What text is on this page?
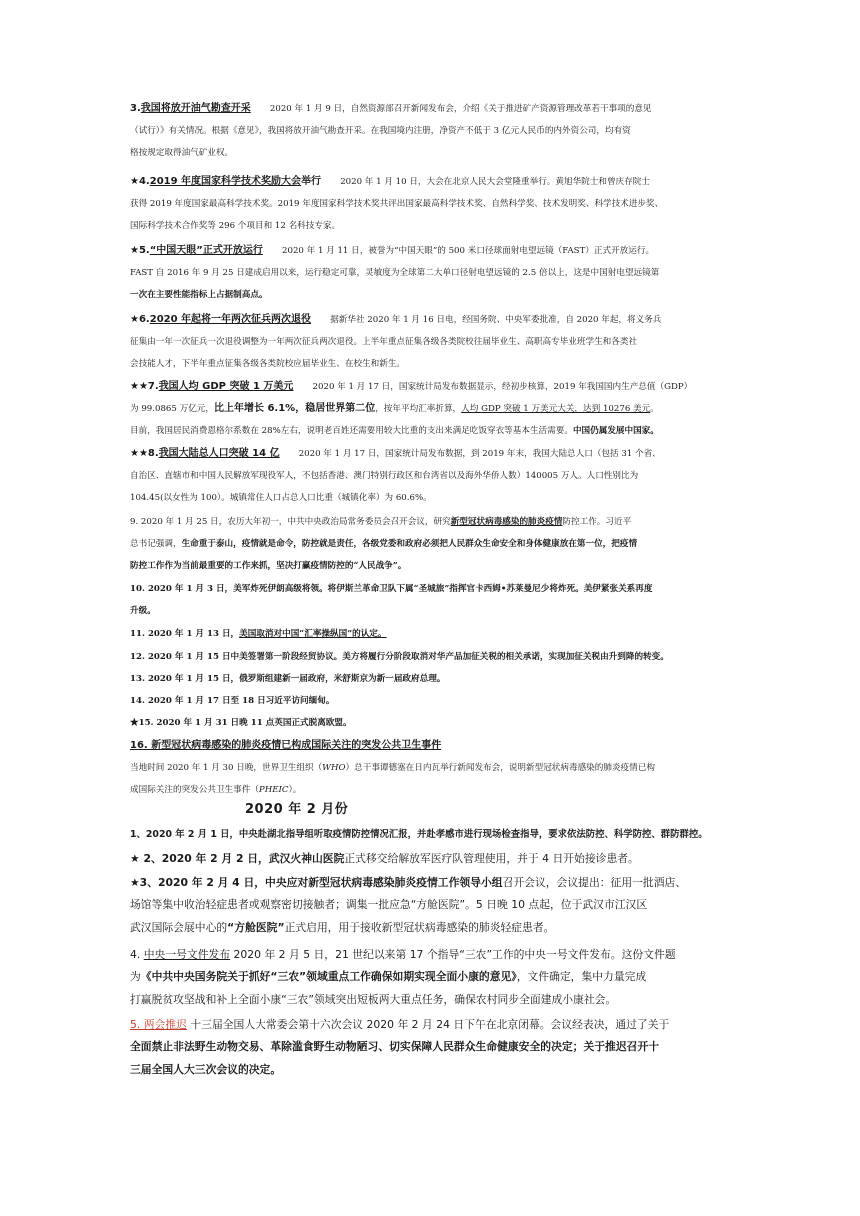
3.我国将放开油气勘查开采 2020 年 1 月 9 日，自然资源部召开新闻发布会，介绍《关于推进矿产资源管理改革若干事项的意见
（试行）》有关情况。根据《意见》，我国将放开油气勘查开采。在我国境内注册，净资产不低于 3 亿元人民币的内外资公司，均有资
格按规定取得油气矿业权。
★4.2019 年度国家科学技术奖励大会举行 2020 年 1 月 10 日，大会在北京人民大会堂隆重举行。黄旭华院士和曾庆存院士
获得 2019 年度国家最高科学技术奖。2019 年度国家科学技术奖共评出国家最高科学技术奖、自然科学奖、技术发明奖、科学技术进步奖、
国际科学技术合作奖等 296 个项目和 12 名科技专家。
★5.“中国天眼”正式开放运行 2020 年 1 月 11 日，被誉为“中国天眼”的 500 米口径球面射电望远镜（FAST）正式开放运行。
FAST 自 2016 年 9 月 25 日建成启用以来，运行稳定可靠，灵敏度为全球第二大单口径射电望远镜的 2.5 倍以上，这是中国射电望远镜第
一次在主要性能指标上占据制高点。
★6.2020 年起将一年两次征兵两次退役 据新华社 2020 年 1 月 16 日电，经国务院、中央军委批准，自 2020 年起，将义务兵
征集由一年一次征兵一次退役调整为一年两次征兵两次退役。上半年重点征集各级各类院校往届毕业生、高职高专毕业班学生和各类社
会技能人才，下半年重点征集各级各类院校应届毕业生、在校生和新生。
★★7.我国人均 GDP 突破 1 万美元 2020 年 1 月 17 日，国家统计局发布数据显示，经初步核算，2019 年我国国内生产总值（GDP）
为 99.0865 万亿元，比上年增长 6.1%，稳居世界第二位，按年平均汇率折算，人均 GDP 突破 1 万美元大关，达到 10276 美元。
目前，我国居民消费恩格尔系数在 28%左右，说明老百姓还需要用较大比重的支出来满足吃饭穿衣等基本生活需要。中国仍属发展中国家。
★★8.我国大陆总人口突破 14 亿 2020 年 1 月 17 日，国家统计局发布数据，到 2019 年末，我国大陆总人口（包括 31 个省、
自治区、直辖市和中国人民解放军现役军人，不包括香港、澳门特别行政区和台湾省以及海外华侨人数）140005 万人。人口性别比为
104.45(以女性为 100）。城镇常住人口占总人口比重（城镇化率）为 60.6%。
9. 2020 年 1 月 25 日，农历大年初一，中共中央政治局常务委员会召开会议，研究新型冠状病毒感染的肺炎疫情防控工作。习近平
总书记强调，生命重于泰山，疫情就是命令，防控就是责任，各级党委和政府必须把人民群众生命安全和身体健康放在第一位，把疫情
防控工作作为当前最重要的工作来抓，坚决打赢疫情防控的“人民战争”。
10. 2020 年 1 月 3 日，美军炸死伊朗高级将领。将伊斯兰革命卫队下属“圣城旅”指挥官卡西姆•苏莱曼尼少将炸死。美伊紧张关系再度
升级。
11. 2020 年 1 月 13 日，美国取消对中国“汇率操纵国”的认定。
12. 2020 年 1 月 15 日中美签署第一阶段经贸协议。美方将履行分阶段取消对华产品加征关税的相关承诺，实现加征关税由升到降的转变。
13. 2020 年 1 月 15 日，俄罗斯组建新一届政府，米舒斯京为新一届政府总理。
14. 2020 年 1 月 17 日至 18 日习近平访问缅甸。
★15. 2020 年 1 月 31 日晚 11 点英国正式脱离欧盟。
16. 新型冠状病毒感染的肺炎疫情已构成国际关注的突发公共卫生事件
当地时间 2020 年 1 月 30 日晚，世界卫生组织（WHO）总干事谭德塞在日内瓦举行新闻发布会，说明新型冠状病毒感染的肺炎疫情已构
成国际关注的突发公共卫生事件（PHEIC）。
2020 年 2 月份
1、2020 年 2 月 1 日，中央赴湖北指导组听取疫情防控情况汇报，并赴孝感市进行现场检查指导，要求依法防控、科学防控、群防群控。
★ 2、2020 年 2 月 2 日，武汉火神山医院正式移交给解放军医疗队管理使用，并于 4 日开始接诊患者。
★3、2020 年 2 月 4 日，中央应对新型冠状病毒感染肺炎疫情工作领导小组召开会议，会议提出：征用一批酒店、
场馆等集中收治轻症患者或观察密切接触者；调集一批应急“方舱医院”。5 日晚 10 点起，位于武汉市江汉区
武汉国际会展中心的“方舱医院”正式启用，用于接收新型冠状病毒感染的肺炎轻症患者。
4. 中央一号文件发布 2020 年 2 月 5 日，21 世纪以来第 17 个指导“三农”工作的中央一号文件发布。这份文件题
为《中共中央国务院关于抓好“三农”领域重点工作确保如期实现全面小康的意见》，文件确定，集中力量完成
打赢脱贫攻坚战和补上全面小康“三农”领域突出短板两大重点任务，确保农村同步全面建成小康社会。
5. 两会推迟 十三届全国人大常委会第十六次会议 2020 年 2 月 24 日下午在北京闭幕。会议经表决，通过了关于
全面禁止非法野生动物交易、革除滥食野生动物陋习、切实保障人民群众生命健康安全的决定；关于推迟召开十
三届全国人大三次会议的决定。
